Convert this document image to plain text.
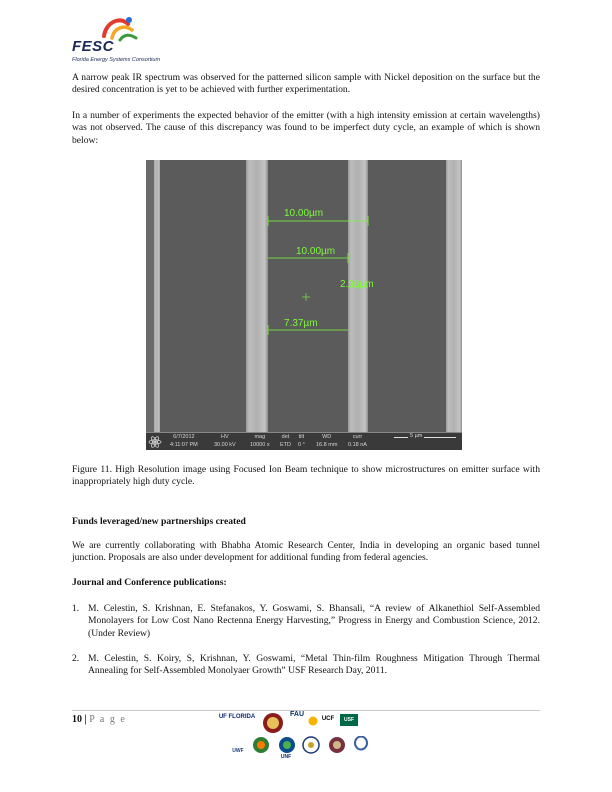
FESC
Florida Energy Systems Consortium

A narrow peak IR spectrum was observed for the patterned silicon sample with Nickel deposition on the surface but the desired concentration is yet to be achieved with further experimentation.

In a number of experiments the expected behavior of the emitter (with a high intensity emission at certain wavelengths) was not observed. The cause of this discrepancy was found to be imperfect duty cycle, an example of which is shown below:

10.00µm
10.00µm
2.96µm
7.37µm
6/7/2012
4:11:07 PM
HV
30.00 kV
mag
10000 x
det
ETD
tilt
0 °
WD
16.8 mm
curr
0.18 nA
5 µm

Figure 11. High Resolution image using Focused Ion Beam technique to show microstructures on emitter surface with inappropriately high duty cycle.

Funds leveraged/new partnerships created

We are currently collaborating with Bhabha Atomic Research Center, India in developing an organic based tunnel junction. Proposals are also under development for additional funding from federal agencies.

Journal and Conference publications:
1. M. Celestin, S. Krishnan, E. Stefanakos, Y. Goswami, S. Bhansali, “A review of Alkanethiol Self-Assembled Monolayers for Low Cost Nano Rectenna Energy Harvesting,” Progress in Energy and Combustion Science, 2012. (Under Review)
2. M. Celestin, S. Koiry, S, Krishnan, Y. Goswami, “Metal Thin-film Roughness Mitigation Through Thermal Annealing for Self-Assembled Monolyaer Growth” USF Research Day, 2011.
10 | P a g e	UF FLORIDA	FAU
UCF	USF
UWF
UNF
